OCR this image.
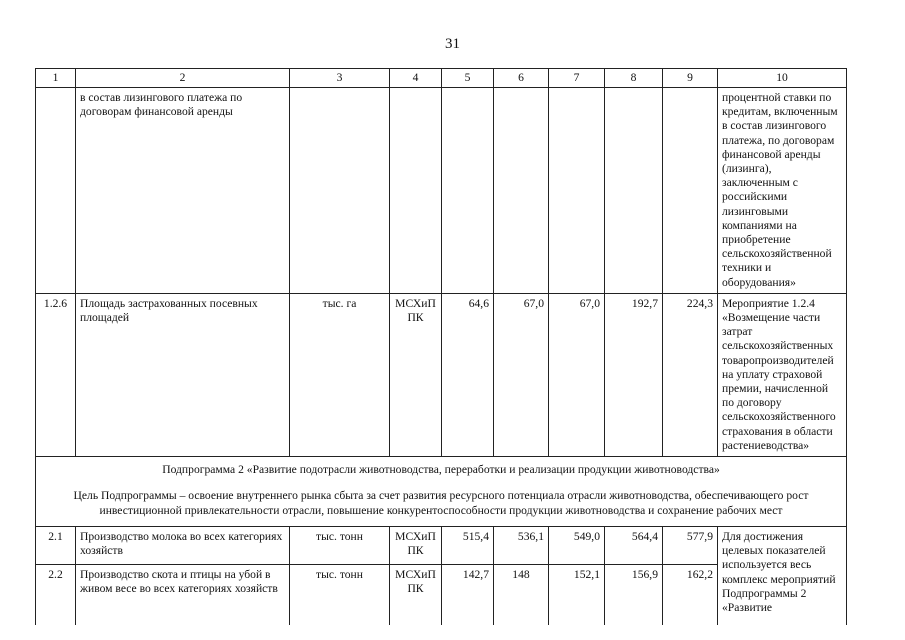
31
1	2	3	4	5	6	7	8	9	10
	в состав лизингового платежа по договорам финансовой аренды								процентной ставки по кредитам, включенным в состав лизингового платежа, по договорам финансовой аренды (лизинга), заключенным с российскими лизинговыми компаниями на приобретение сельскохозяйственной техники и оборудования»
1.2.6	Площадь застрахованных посевных площадей	тыс. га	МСХиП ПК	64,6	67,0	67,0	192,7	224,3	Мероприятие 1.2.4 «Возмещение части затрат сельскохозяйственных товаропроизводителей на уплату страховой премии, начисленной по договору сельскохозяйственного страхования в области растениеводства»

Подпрограмма 2 «Развитие подотрасли животноводства, переработки и реализации продукции животноводства»
Цель Подпрограммы – освоение внутреннего рынка сбыта за счет развития ресурсного потенциала отрасли животноводства, обеспечивающего рост инвестиционной привлекательности отрасли, повышение конкурентоспособности продукции животноводства и сохранение рабочих мест									

2.1	Производство молока во всех категориях хозяйств	тыс. тонн	МСХиП ПК	515,4	536,1	549,0	564,4	577,9	Для достижения целевых показателей используется весь комплекс мероприятий Подпрограммы 2 «Развитие
2.2	Производство скота и птицы на убой в живом весе во всех категориях хозяйств	тыс. тонн	МСХиП ПК	142,7	148	152,1	156,9	162,2	
